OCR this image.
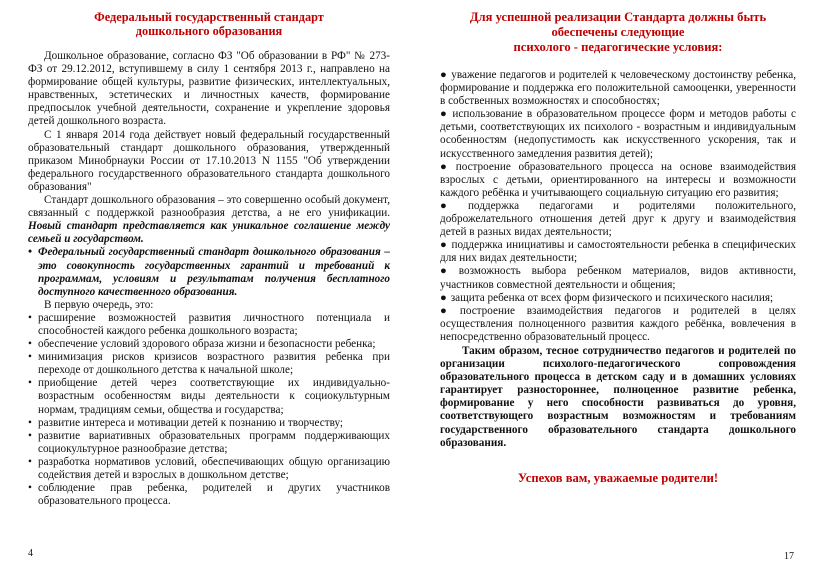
Федеральный государственный стандарт
дошкольного образования

Дошкольное образование, согласно ФЗ "Об образовании в РФ" № 273-ФЗ от 29.12.2012, вступившему в силу 1 сентября 2013 г., направлено на формирование общей культуры, развитие физических, интеллектуальных, нравственных, эстетических и личностных качеств, формирование предпосылок учебной деятельности, сохранение и укрепление здоровья детей дошкольного возраста.

С 1 января 2014 года действует новый федеральный государственный образовательный стандарт дошкольного образования, утвержденный приказом Минобрнауки России от 17.10.2013 N 1155 "Об утверждении федерального государственного образовательного стандарта дошкольного образования"

Стандарт дошкольного образования – это совершенно особый документ, связанный с поддержкой разнообразия детства, а не его унификации. Новый стандарт представляется как уникальное соглашение между семьей и государством.

• Федеральный государственный стандарт дошкольного образования – это совокупность государственных гарантий и требований к программам, условиям и результатам получения бесплатного доступного качественного образования.

В первую очередь, это:

• расширение возможностей развития личностного потенциала и способностей каждого ребенка дошкольного возраста;
• обеспечение условий здорового образа жизни и безопасности ребенка;
• минимизация рисков кризисов возрастного развития ребенка при переходе от дошкольного детства к начальной школе;
• приобщение детей через соответствующие их индивидуально-возрастным особенностям виды деятельности к социокультурным нормам, традициям семьи, общества и государства;
• развитие интереса и мотивации детей к познанию и творчеству;
• развитие вариативных образовательных программ поддерживающих социокультурное разнообразие детства;
• разработка нормативов условий, обеспечивающих общую организацию содействия детей и взрослых в дошкольном детстве;
• соблюдение прав ребенка, родителей и других участников образовательного процесса.
4
Для успешной реализации Стандарта должны быть
обеспечены следующие
психолого - педагогические условия:
● уважение педагогов и родителей к человеческому достоинству ребенка, формирование и поддержка его положительной самооценки, уверенности в собственных возможностях и способностях;
● использование в образовательном процессе форм и методов работы с детьми, соответствующих их психолого - возрастным и индивидуальным особенностям (недопустимость как искусственного ускорения, так и искусственного замедления развития детей);
● построение образовательного процесса на основе взаимодействия взрослых с детьми, ориентированного на интересы и возможности каждого ребёнка и учитывающего социальную ситуацию его развития;
● поддержка педагогами и родителями положительного, доброжелательного отношения детей друг к другу и взаимодействия детей в разных видах деятельности;
● поддержка инициативы и самостоятельности ребенка в специфических для них видах деятельности;
● возможность выбора ребенком материалов, видов активности, участников совместной деятельности и общения;
● защита ребенка от всех форм физического и психического насилия;
● построение взаимодействия педагогов и родителей в целях осуществления полноценного развития каждого ребёнка, вовлечения в непосредственно образовательный процесс.

Таким образом, тесное сотрудничество педагогов и родителей по организации психолого-педагогического сопровождения образовательного процесса в детском саду и в домашних условиях гарантирует разностороннее, полноценное развитие ребенка, формирование у него способности развиваться до уровня, соответствующего возрастным возможностям и требованиям государственного образовательного стандарта дошкольного образования.

Успехов вам, уважаемые родители!
17
